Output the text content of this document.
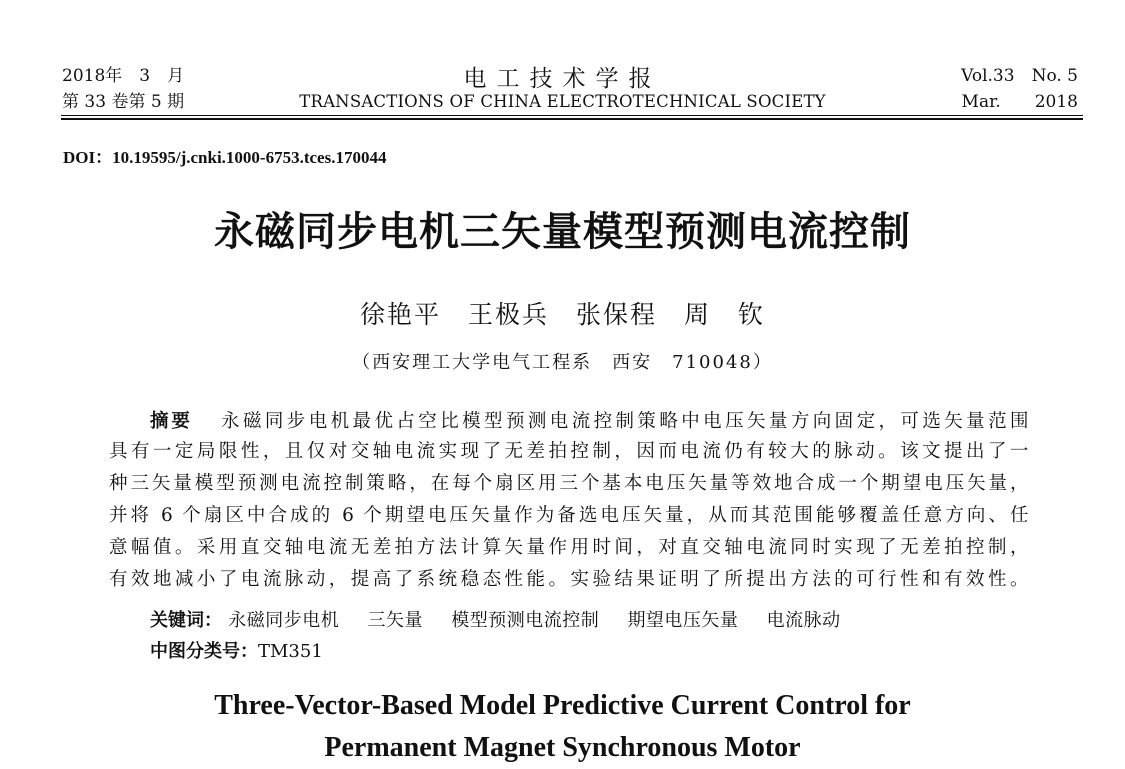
2018年　3　月
第 33 卷第 5 期
电工技术学报
TRANSACTIONS OF CHINA ELECTROTECHNICAL SOCIETY
Vol.33　No. 5
Mar.　　2018
DOI：10.19595/j.cnki.1000-6753.tces.170044
永磁同步电机三矢量模型预测电流控制
徐艳平　王极兵　张保程　周　钦
（西安理工大学电气工程系　西安　710048）
摘要 永磁同步电机最优占空比模型预测电流控制策略中电压矢量方向固定，可选矢量范围
具有一定局限性，且仅对交轴电流实现了无差拍控制，因而电流仍有较大的脉动。该文提出了一
种三矢量模型预测电流控制策略，在每个扇区用三个基本电压矢量等效地合成一个期望电压矢量，
并将 6 个扇区中合成的 6 个期望电压矢量作为备选电压矢量，从而其范围能够覆盖任意方向、任
意幅值。采用直交轴电流无差拍方法计算矢量作用时间，对直交轴电流同时实现了无差拍控制，
有效地减小了电流脉动，提高了系统稳态性能。实验结果证明了所提出方法的可行性和有效性。
关键词： 永磁同步电机 三矢量 模型预测电流控制 期望电压矢量 电流脉动
中图分类号：TM351
Three-Vector-Based Model Predictive Current Control for
Permanent Magnet Synchronous Motor
